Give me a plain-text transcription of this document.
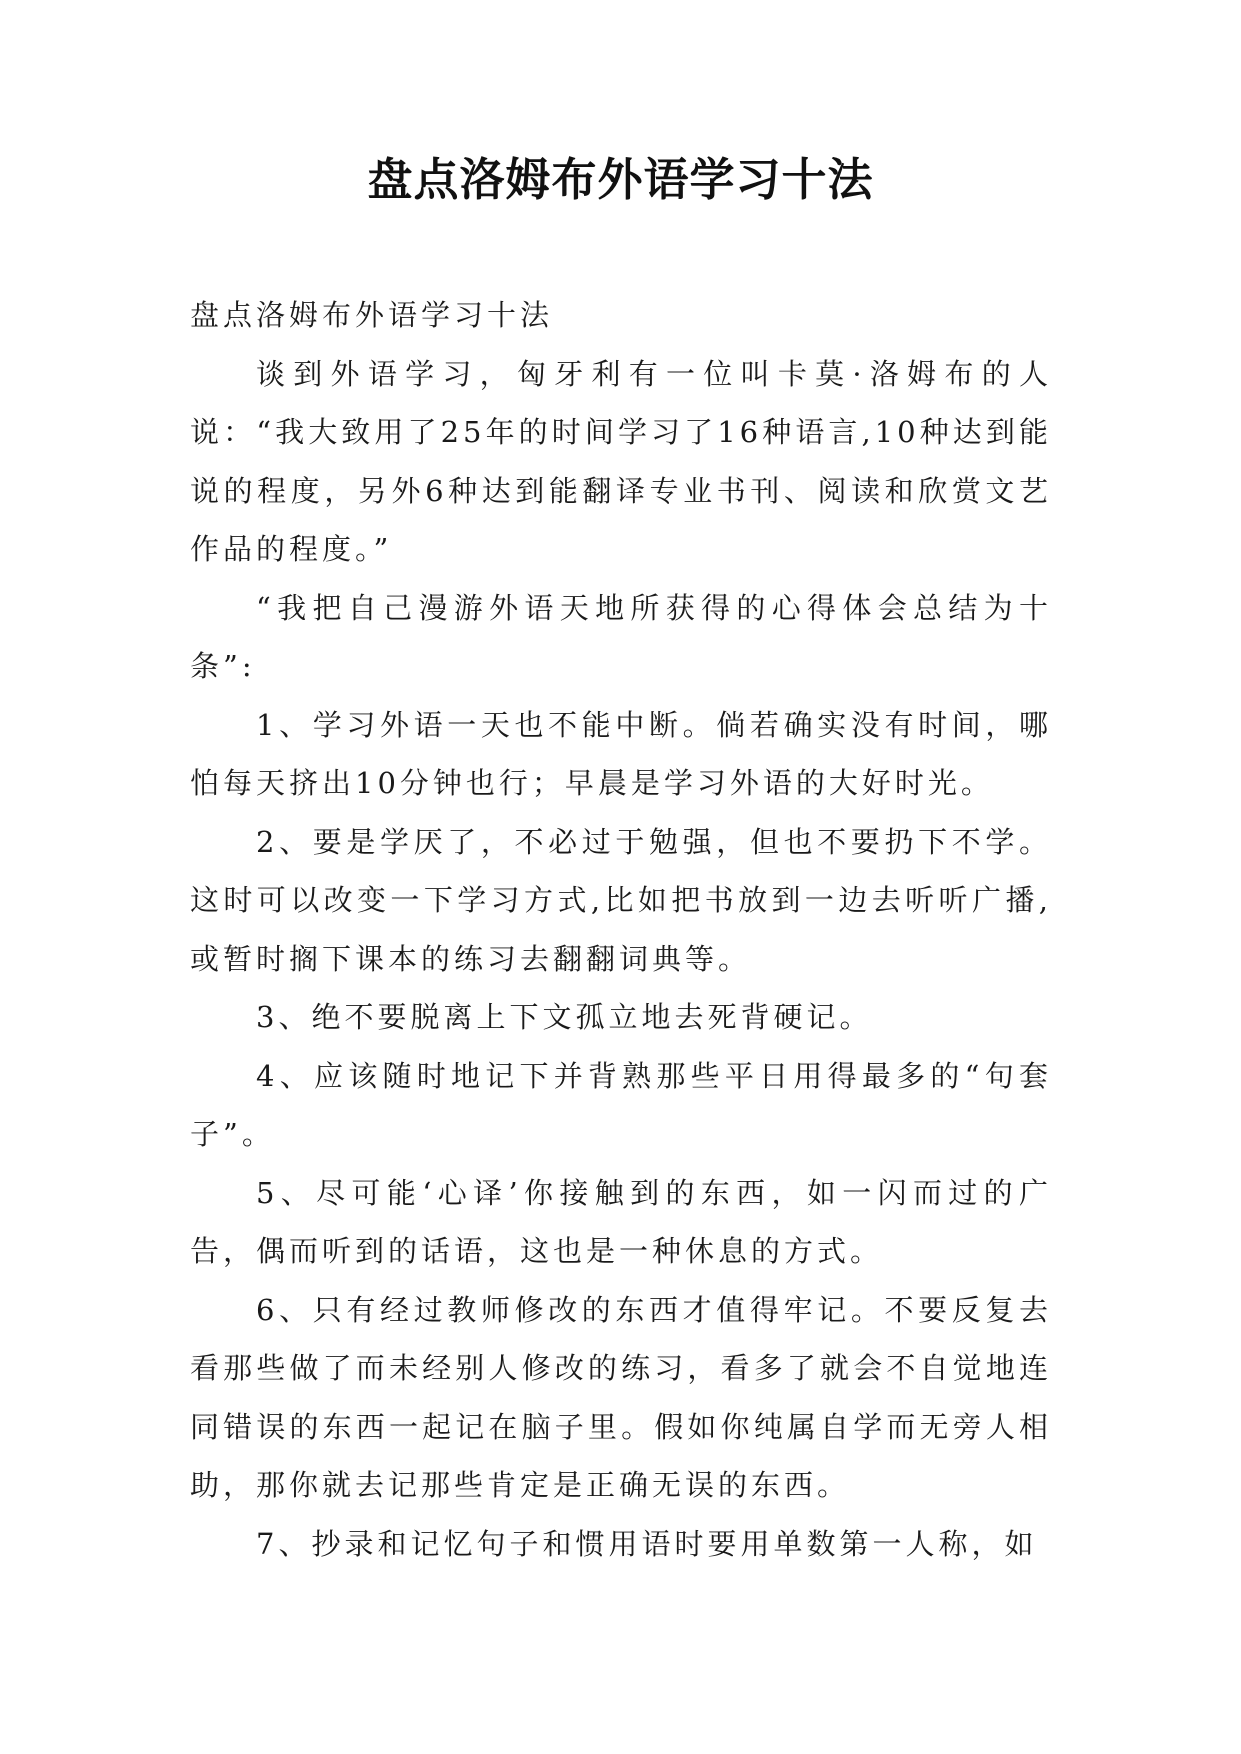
盘点洛姆布外语学习十法

盘点洛姆布外语学习十法

谈到外语学习，匈牙利有一位叫卡莫·洛姆布的人说：“我大致用了25年的时间学习了16种语言,10种达到能说的程度，另外6种达到能翻译专业书刊、阅读和欣赏文艺作品的程度。”

“我把自己漫游外语天地所获得的心得体会总结为十条”:

1、学习外语一天也不能中断。倘若确实没有时间，哪怕每天挤出10分钟也行；早晨是学习外语的大好时光。

2、要是学厌了，不必过于勉强，但也不要扔下不学。这时可以改变一下学习方式,比如把书放到一边去听听广播,或暂时搁下课本的练习去翻翻词典等。

3、绝不要脱离上下文孤立地去死背硬记。

4、应该随时地记下并背熟那些平日用得最多的“句套子”。

5、尽可能‘心译’你接触到的东西，如一闪而过的广告，偶而听到的话语，这也是一种休息的方式。

6、只有经过教师修改的东西才值得牢记。不要反复去看那些做了而未经别人修改的练习，看多了就会不自觉地连同错误的东西一起记在脑子里。假如你纯属自学而无旁人相助，那你就去记那些肯定是正确无误的东西。

7、抄录和记忆句子和惯用语时要用单数第一人称，如
